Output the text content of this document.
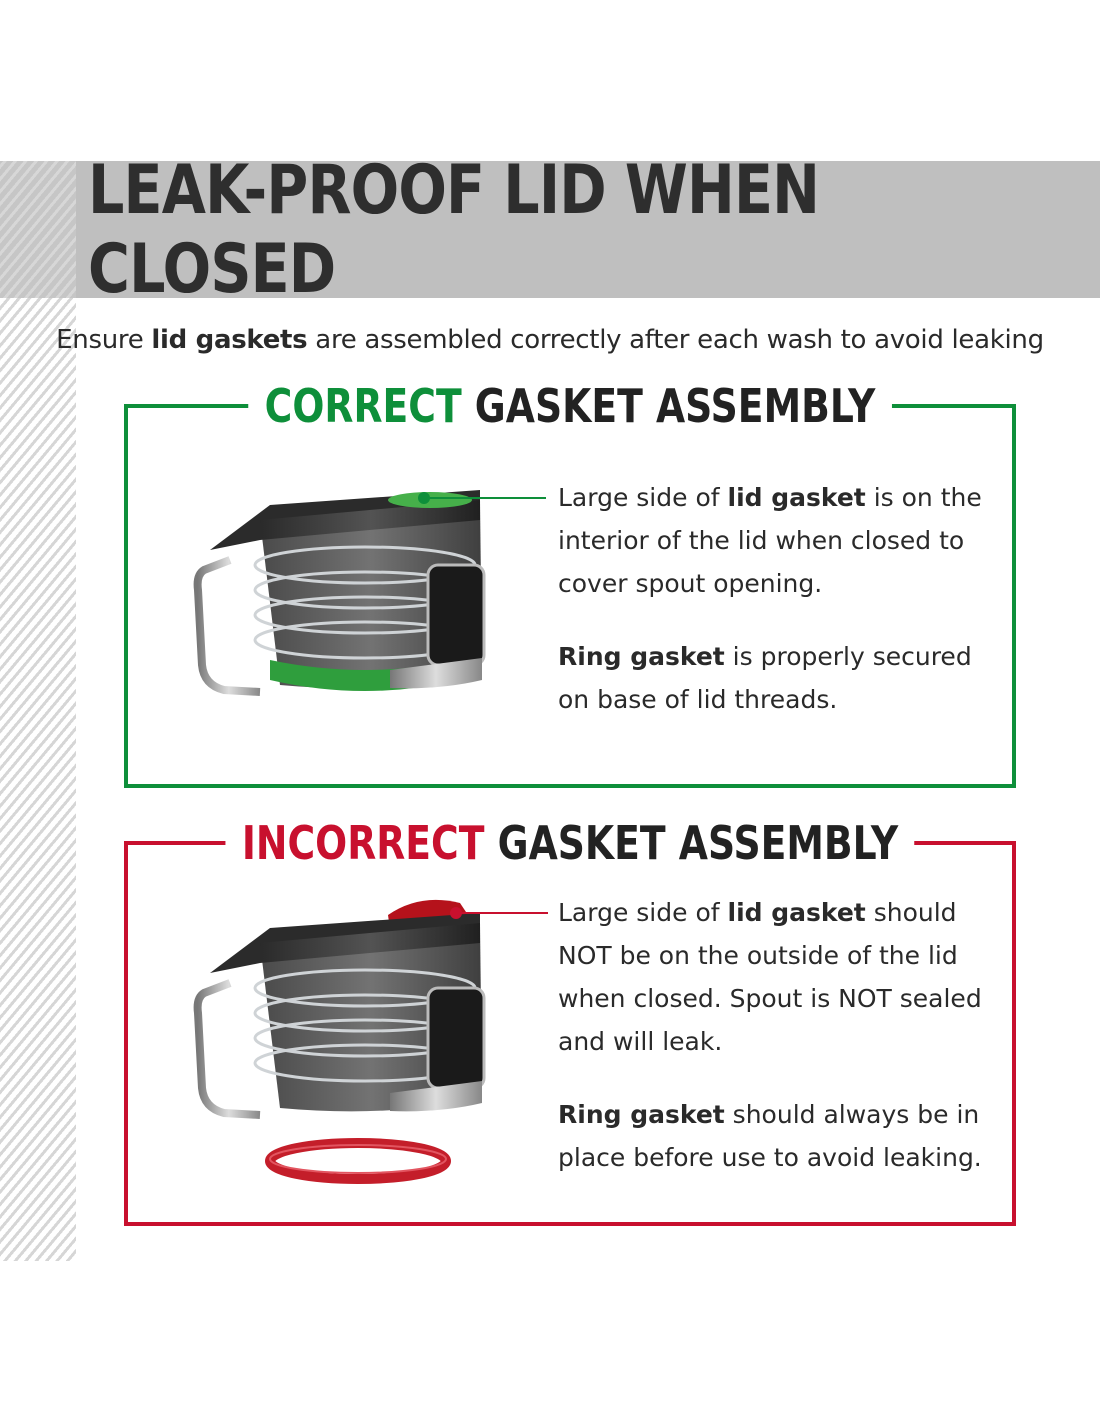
LEAK-PROOF LID WHEN CLOSED
Ensure lid gaskets are assembled correctly after each wash to avoid leaking
CORRECT GASKET ASSEMBLY

Large side of lid gasket is on the interior of the lid when closed to cover spout opening.

Ring gasket is properly secured on base of lid threads.

INCORRECT GASKET ASSEMBLY

Large side of lid gasket should NOT be on the outside of the lid when closed. Spout is NOT sealed and will leak.

Ring gasket should always be in place before use to avoid leaking.
